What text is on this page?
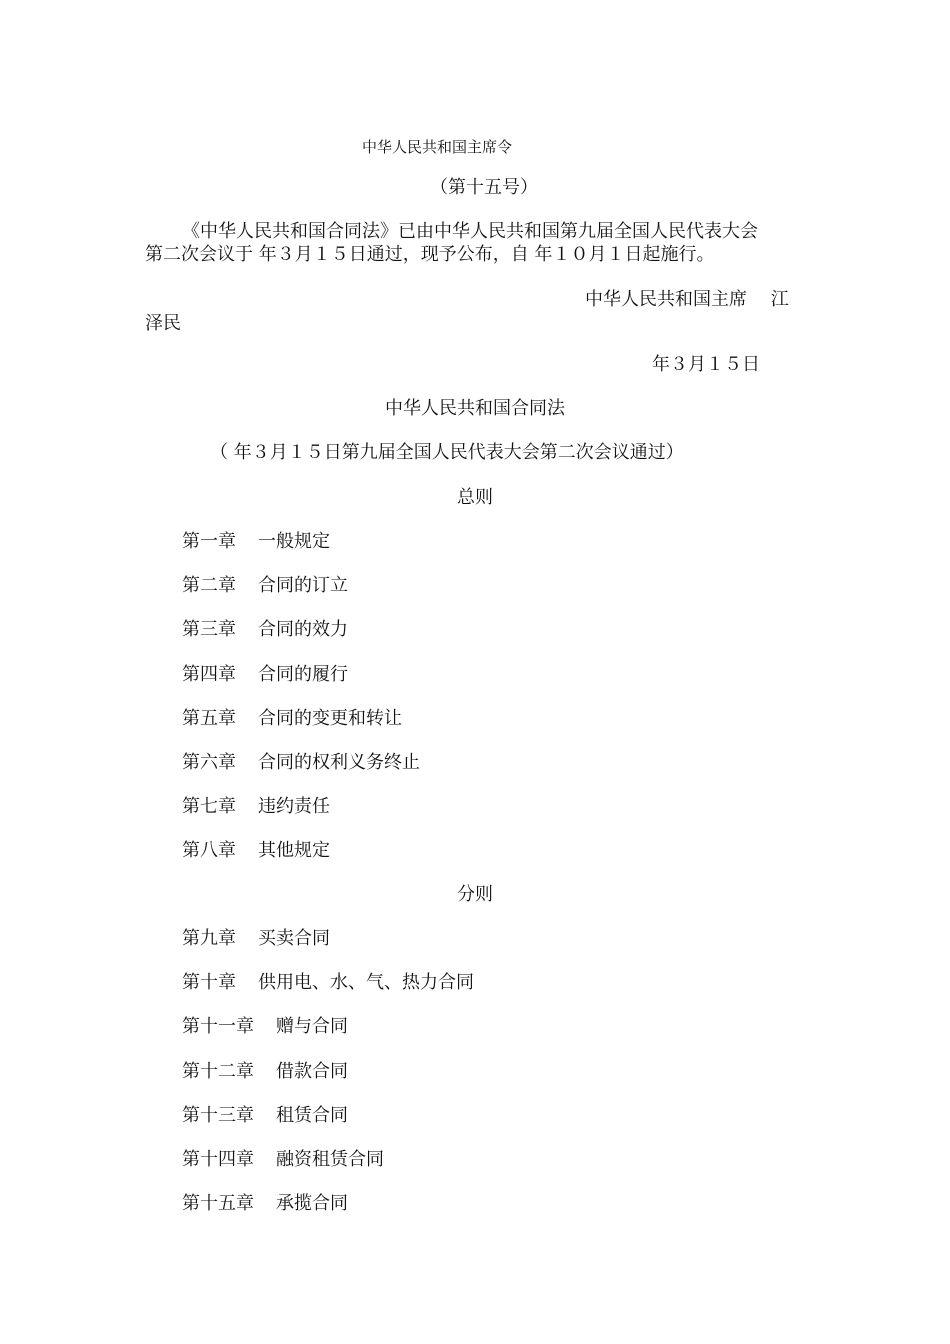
中华人民共和国主席令
（第十五号）
《中华人民共和国合同法》已由中华人民共和国第九届全国人民代表大会
第二次会议于 年３月１５日通过，现予公布，自 年１０月１日起施行。
中华人民共和国主席　 江
泽民
年３月１５日
中华人民共和国合同法
（ 年３月１５日第九届全国人民代表大会第二次会议通过）
总则
第一章 一般规定
第二章 合同的订立
第三章 合同的效力
第四章 合同的履行
第五章 合同的变更和转让
第六章 合同的权利义务终止
第七章 违约责任
第八章 其他规定
分则
第九章 买卖合同
第十章 供用电、水、气、热力合同
第十一章 赠与合同
第十二章 借款合同
第十三章 租赁合同
第十四章 融资租赁合同
第十五章 承揽合同
